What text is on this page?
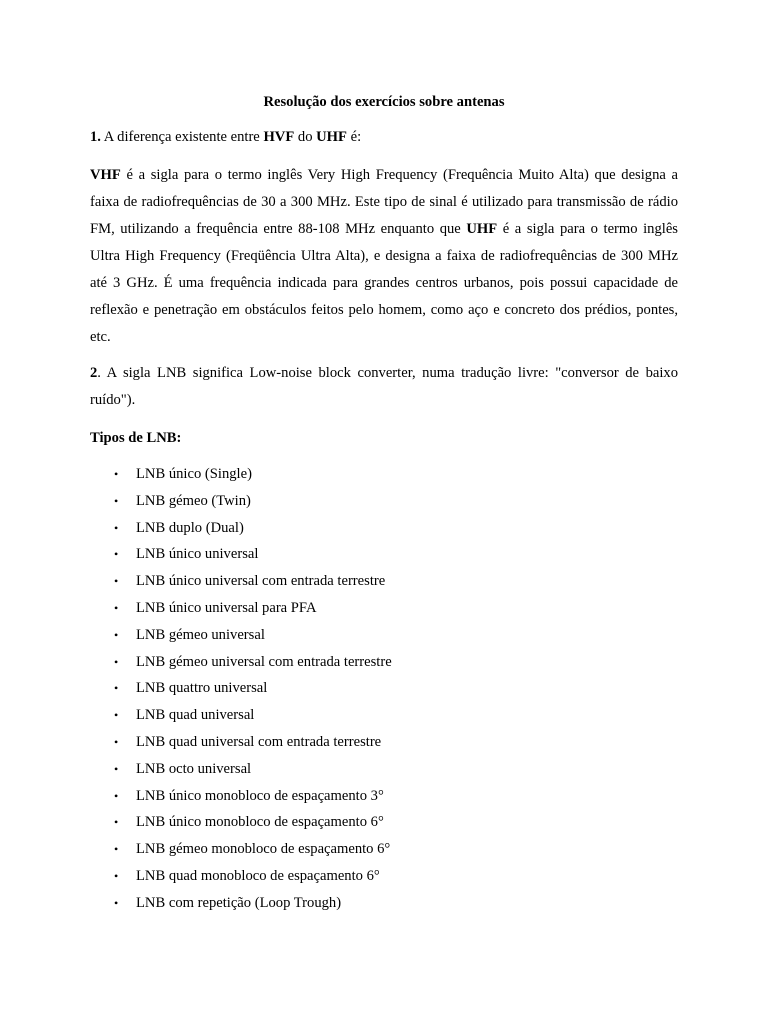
Resolução dos exercícios sobre antenas

1. A diferença existente entre HVF do UHF é:

VHF é a sigla para o termo inglês Very High Frequency (Frequência Muito Alta) que designa a faixa de radiofrequências de 30 a 300 MHz. Este tipo de sinal é utilizado para transmissão de rádio FM, utilizando a frequência entre 88-108 MHz enquanto que UHF é a sigla para o termo inglês Ultra High Frequency (Freqüência Ultra Alta), e designa a faixa de radiofrequências de 300 MHz até 3 GHz. É uma frequência indicada para grandes centros urbanos, pois possui capacidade de reflexão e penetração em obstáculos feitos pelo homem, como aço e concreto dos prédios, pontes, etc.

2. A sigla LNB significa Low-noise block converter, numa tradução livre: "conversor de baixo ruído").

Tipos de LNB:

• LNB único (Single)
• LNB gémeo (Twin)
• LNB duplo (Dual)
• LNB único universal
• LNB único universal com entrada terrestre
• LNB único universal para PFA
• LNB gémeo universal
• LNB gémeo universal com entrada terrestre
• LNB quattro universal
• LNB quad universal
• LNB quad universal com entrada terrestre
• LNB octo universal
• LNB único monobloco de espaçamento 3°
• LNB único monobloco de espaçamento 6°
• LNB gémeo monobloco de espaçamento 6°
• LNB quad monobloco de espaçamento 6°
• LNB com repetição (Loop Trough)
